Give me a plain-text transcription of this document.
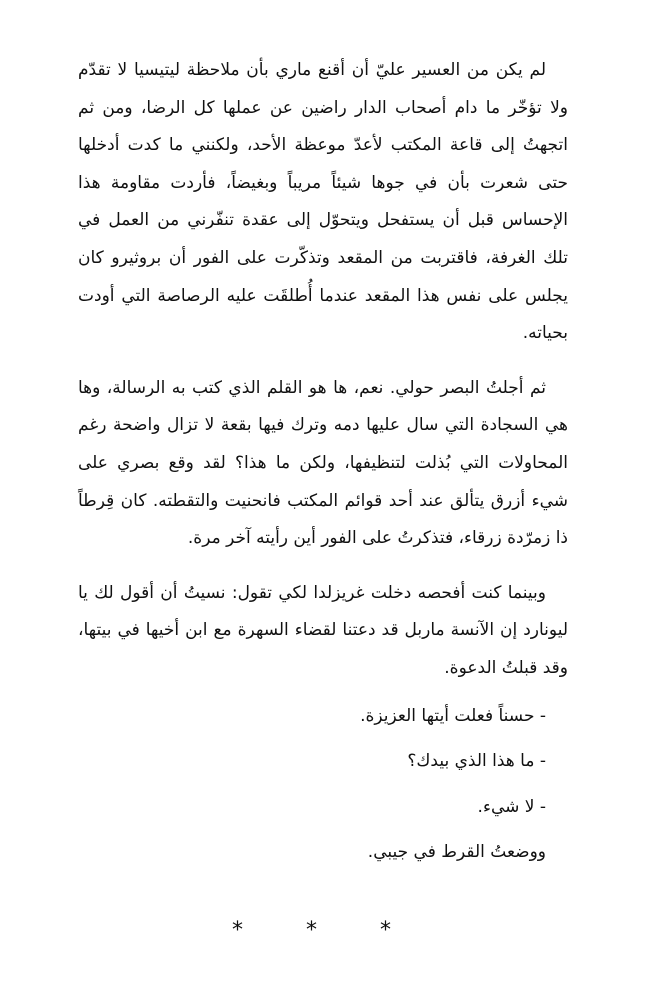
لم يكن من العسير عليّ أن أقنع ماري بأن ملاحظة ليتيسيا لا تقدّم ولا تؤخّر ما دام أصحاب الدار راضين عن عملها كل الرضا، ومن ثم اتجهتُ إلى قاعة المكتب لأعدّ موعظة الأحد، ولكنني ما كدت أدخلها حتى شعرت بأن في جوها شيئاً مريباً وبغيضاً، فأردت مقاومة هذا الإحساس قبل أن يستفحل ويتحوّل إلى عقدة تنفّرني من العمل في تلك الغرفة، فاقتربت من المقعد وتذكّرت على الفور أن بروثيرو كان يجلس على نفس هذا المقعد عندما أُطلقَت عليه الرصاصة التي أودت بحياته.

ثم أجلتُ البصر حولي. نعم، ها هو القلم الذي كتب به الرسالة، وها هي السجادة التي سال عليها دمه وترك فيها بقعة لا تزال واضحة رغم المحاولات التي بُذلت لتنظيفها، ولكن ما هذا؟ لقد وقع بصري على شيء أزرق يتألق عند أحد قوائم المكتب فانحنيت والتقطته. كان قِرطاً ذا زمرّدة زرقاء، فتذكرتُ على الفور أين رأيته آخر مرة.

وبينما كنت أفحصه دخلت غريزلدا لكي تقول: نسيتُ أن أقول لك يا ليونارد إن الآنسة ماربل قد دعتنا لقضاء السهرة مع ابن أخيها في بيتها، وقد قبلتُ الدعوة.

- حسناً فعلت أيتها العزيزة.

- ما هذا الذي بيدك؟

- لا شيء.

ووضعتُ القرط في جيبي.

* * *
